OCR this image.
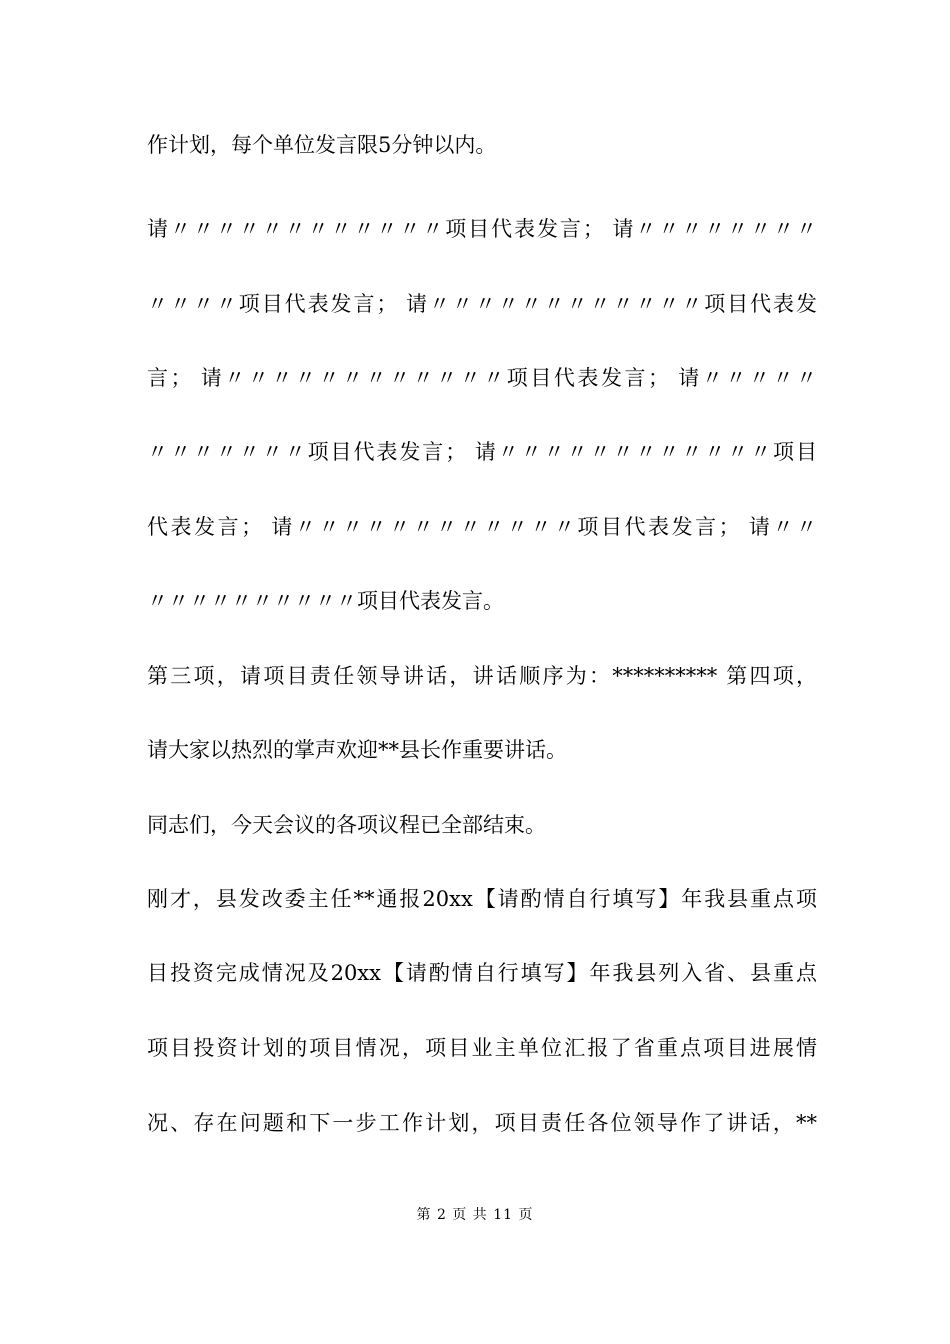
作计划，每个单位发言限5分钟以内。
请〃〃〃〃〃〃〃〃〃〃〃〃项目代表发言； 请〃〃〃〃〃〃〃〃
〃〃〃〃项目代表发言； 请〃〃〃〃〃〃〃〃〃〃〃〃项目代表发
言； 请〃〃〃〃〃〃〃〃〃〃〃〃项目代表发言； 请〃〃〃〃〃
〃〃〃〃〃〃〃项目代表发言； 请〃〃〃〃〃〃〃〃〃〃〃〃项目
代表发言； 请〃〃〃〃〃〃〃〃〃〃〃〃项目代表发言； 请〃〃
〃〃〃〃〃〃〃〃〃〃项目代表发言。
第三项，请项目责任领导讲话，讲话顺序为：********** 第四项，
请大家以热烈的掌声欢迎**县长作重要讲话。
同志们，今天会议的各项议程已全部结束。
刚才，县发改委主任**通报20xx【请酌情自行填写】年我县重点项
目投资完成情况及20xx【请酌情自行填写】年我县列入省、县重点
项目投资计划的项目情况，项目业主单位汇报了省重点项目进展情
况、存在问题和下一步工作计划，项目责任各位领导作了讲话，**
第 2 页 共 11 页
